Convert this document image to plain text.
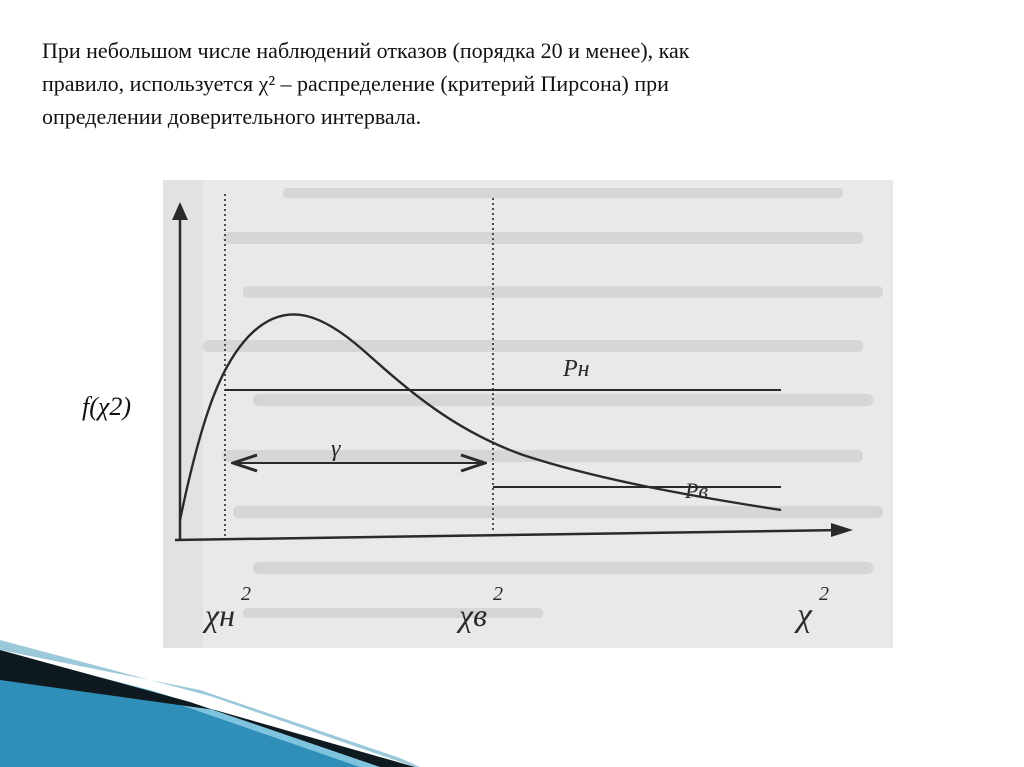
При небольшом числе наблюдений отказов (порядка 20 и менее), как
правило, используется χ² – распределение (критерий Пирсона) при
определении доверительного интервала.

f(χ2)
Pн
Pв
γ
χн
2
χв
2
χ
2
